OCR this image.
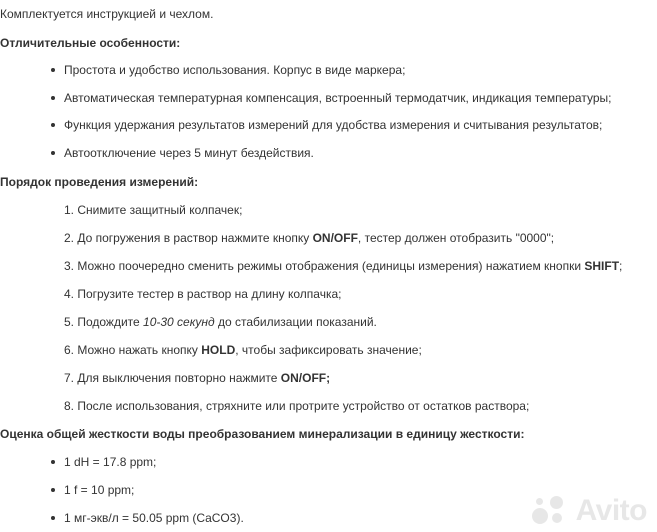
Комплектуется инструкцией и чехлом.
Отличительные особенности:
Простота и удобство использования. Корпус в виде маркера;
Автоматическая температурная компенсация, встроенный термодатчик, индикация температуры;
Функция удержания результатов измерений для удобства измерения и считывания результатов;
Автоотключение через 5 минут бездействия.
Порядок проведения измерений:
1. Снимите защитный колпачек;
2. До погружения в раствор нажмите кнопку ON/OFF, тестер должен отобразить "0000";
3. Можно поочередно сменить режимы отображения (единицы измерения) нажатием кнопки SHIFT;
4. Погрузите тестер в раствор на длину колпачка;
5. Подождите 10-30 секунд до стабилизации показаний.
6. Можно нажать кнопку HOLD, чтобы зафиксировать значение;
7. Для выключения повторно нажмите ON/OFF;
8. После использования, стряхните или протрите устройство от остатков раствора;
Оценка общей жесткости воды преобразованием минерализации в единицу жесткости:
1 dH = 17.8 ppm;
1 f = 10 ppm;
1 мг-экв/л = 50.05 ppm (CaCO3).	Avito
